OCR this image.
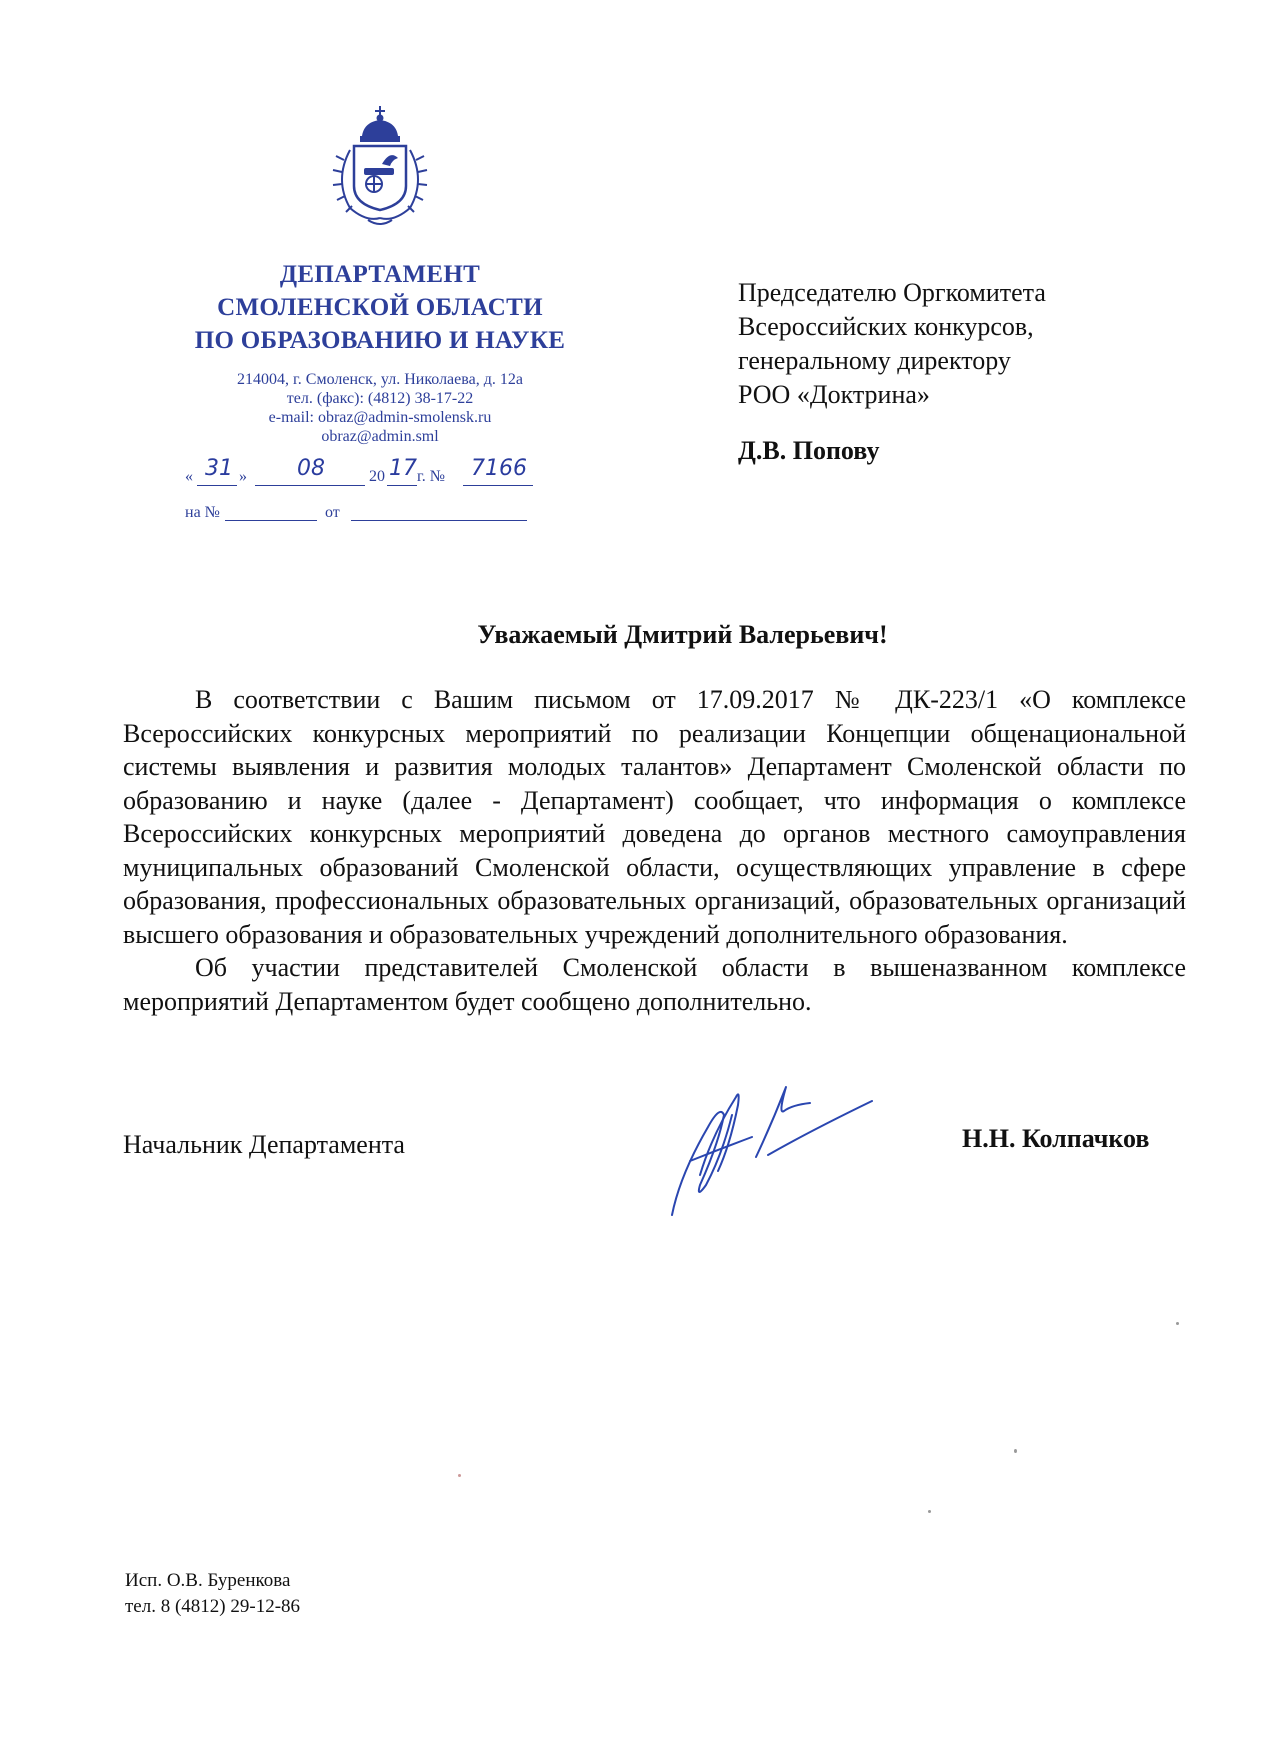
ДЕПАРТАМЕНТ
СМОЛЕНСКОЙ ОБЛАСТИ
ПО ОБРАЗОВАНИЮ И НАУКЕ
214004, г. Смоленск, ул. Николаева, д. 12а
тел. (факс): (4812) 38-17-22
e-mail: obraz@admin-smolensk.ru
obraz@admin.sml
« 31 » 08	20 17 г. № 7166
на №	от
Председателю Оргкомитета
Всероссийских конкурсов,
генеральному директору
РОО «Доктрина»
Д.В. Попову
Уважаемый Дмитрий Валерьевич!

В соответствии с Вашим письмом от 17.09.2017 № ДК-223/1 «О комплексе Всероссийских конкурсных мероприятий по реализации Концепции общенациональной системы выявления и развития молодых талантов» Департамент Смоленской области по образованию и науке (далее - Департамент) сообщает, что информация о комплексе Всероссийских конкурсных мероприятий доведена до органов местного самоуправления муниципальных образований Смоленской области, осуществляющих управление в сфере образования, профессиональных образовательных организаций, образовательных организаций высшего образования и образовательных учреждений дополнительного образования.

Об участии представителей Смоленской области в вышеназванном комплексе мероприятий Департаментом будет сообщено дополнительно.

Начальник Департамента	Н.Н. Колпачков
Исп. О.В. Буренкова
тел. 8 (4812) 29-12-86
